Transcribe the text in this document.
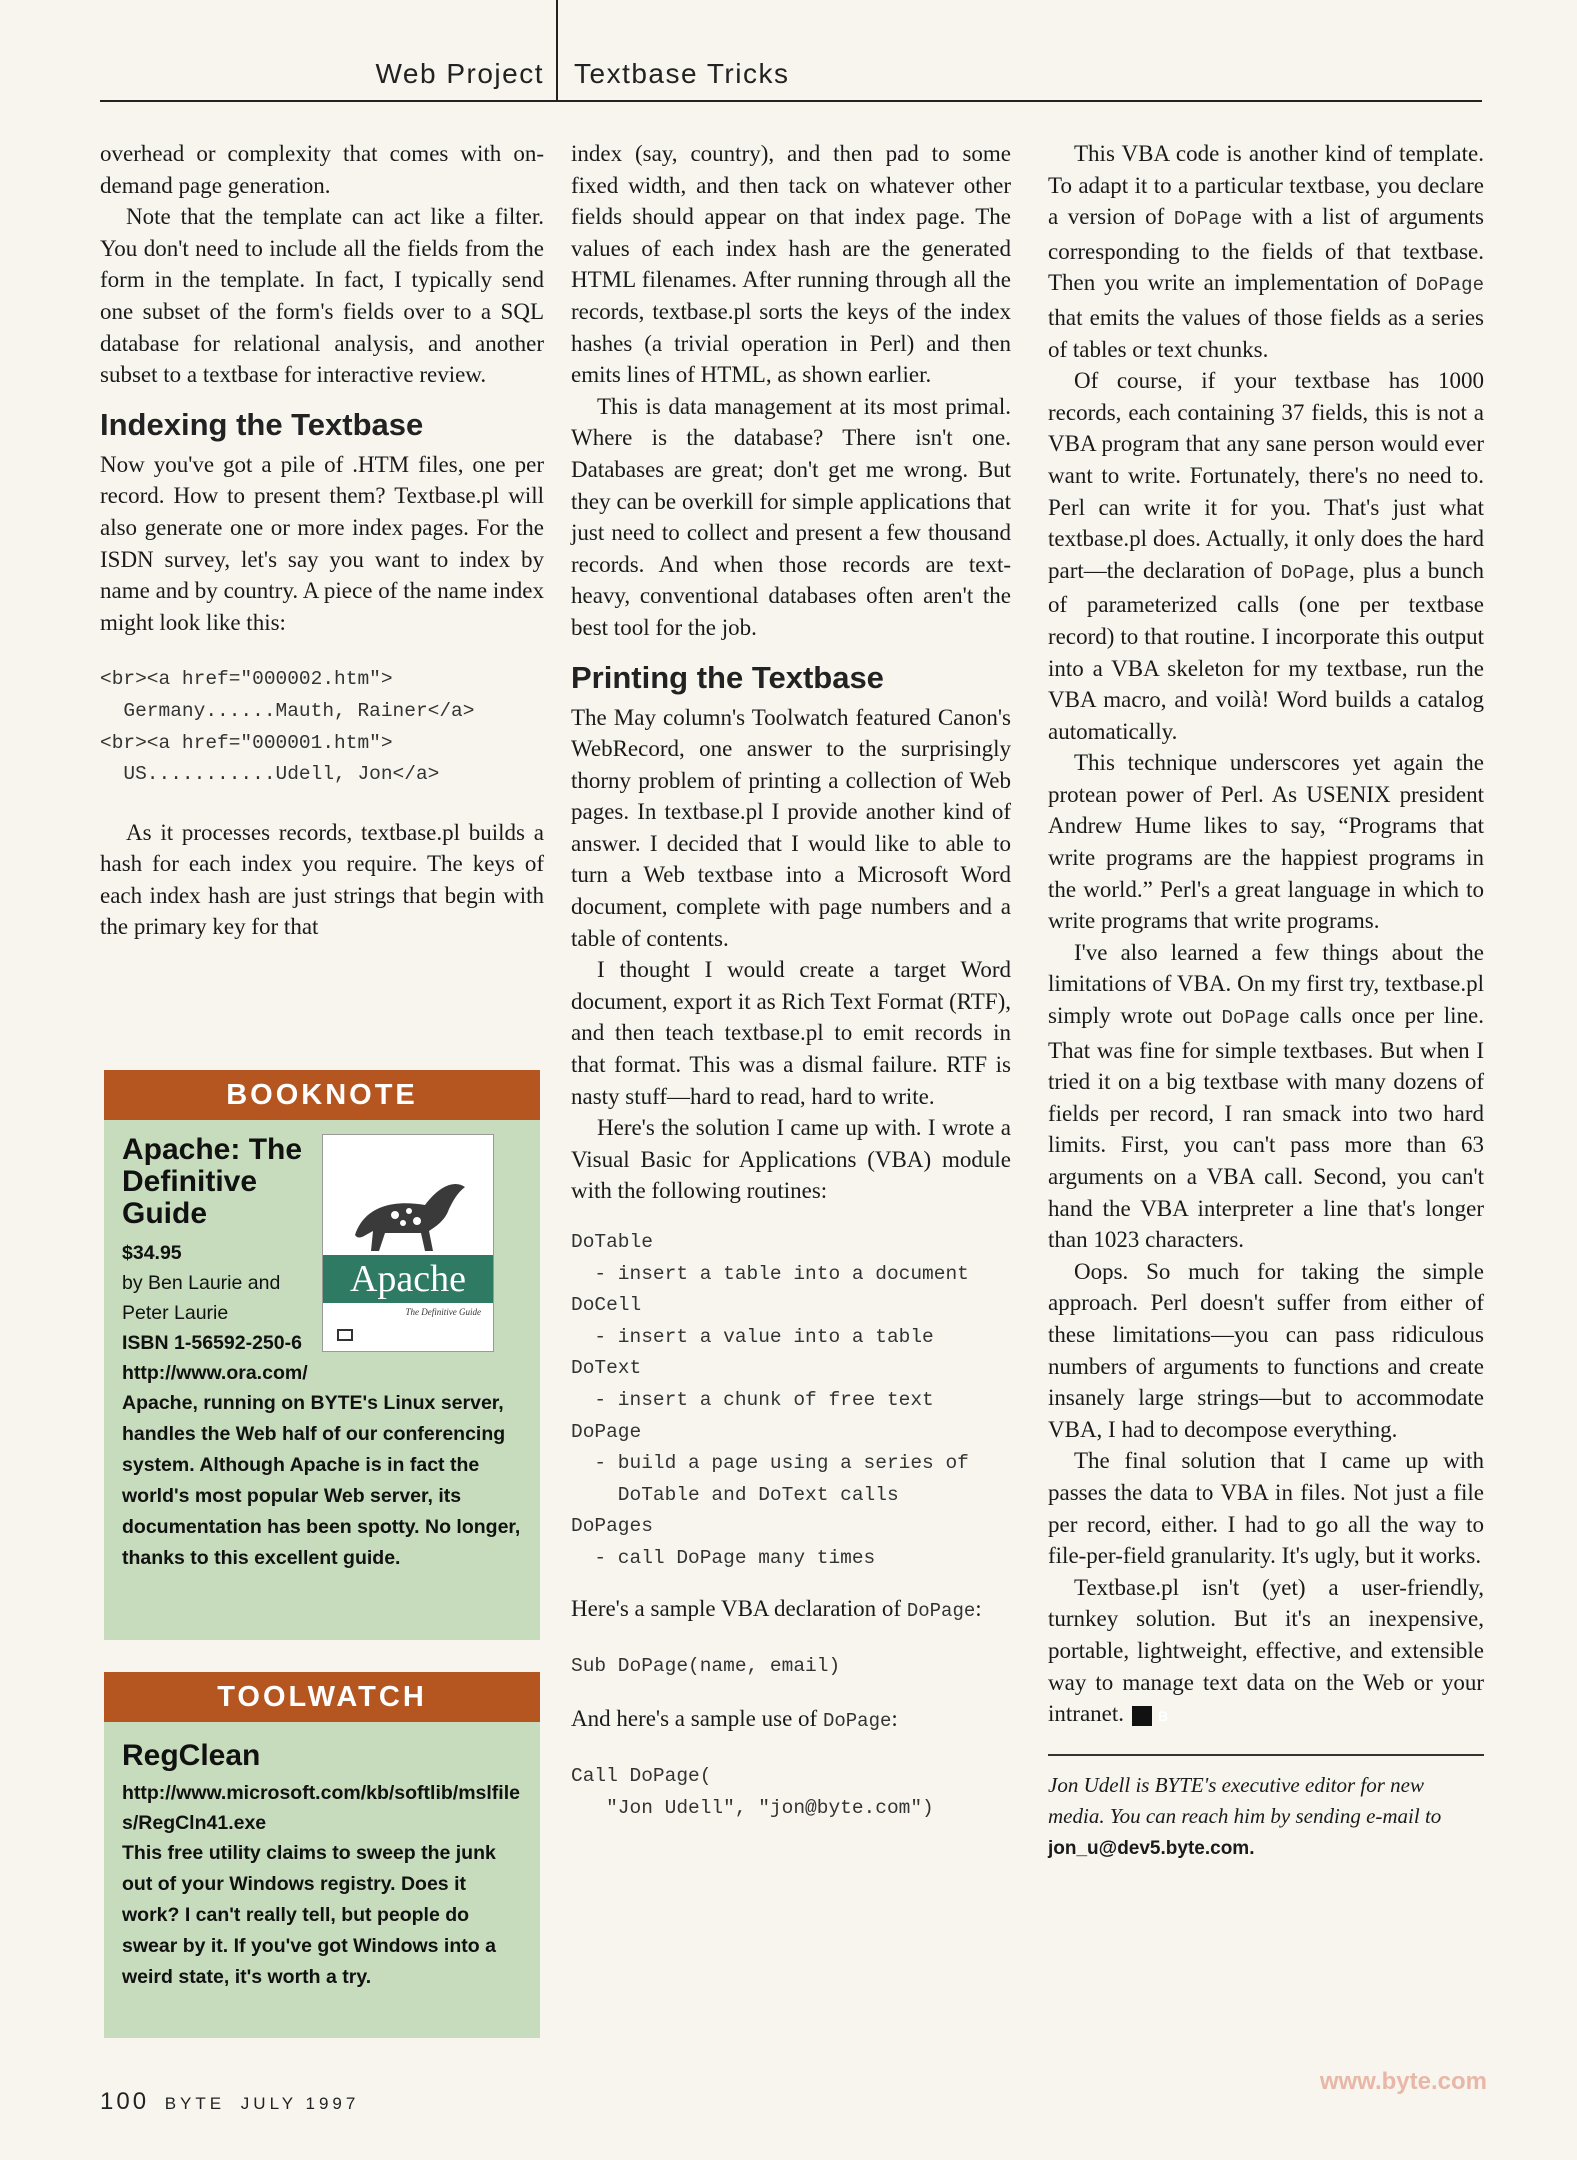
Web Project Textbase Tricks

overhead or complexity that comes with on-demand page generation.

Note that the template can act like a filter. You don't need to include all the fields from the form in the template. In fact, I typically send one subset of the form's fields over to a SQL database for relational analysis, and another subset to a textbase for interactive review.

Indexing the Textbase

Now you've got a pile of .HTM files, one per record. How to present them? Textbase.pl will also generate one or more index pages. For the ISDN survey, let's say you want to index by name and by country. A piece of the name index might look like this:

<br><a href="000002.htm">
Germany......Mauth, Rainer</a>
<br><a href="000001.htm">
US...........Udell, Jon</a>

As it processes records, textbase.pl builds a hash for each index you require. The keys of each index hash are just strings that begin with the primary key for that

BOOKNOTE
Apache: The Definitive Guide
$34.95
by Ben Laurie and Peter Laurie
ISBN 1-56592-250-6
http://www.ora.com/
Apache, running on BYTE's Linux server, handles the Web half of our conferencing system. Although Apache is in fact the world's most popular Web server, its documentation has been spotty. No longer, thanks to this excellent guide.
Apache
The Definitive Guide
TOOLWATCH
RegClean
http://www.microsoft.com/kb/softlib/mslfiles/RegCln41.exe
This free utility claims to sweep the junk out of your Windows registry. Does it work? I can't really tell, but people do swear by it. If you've got Windows into a weird state, it's worth a try.

index (say, country), and then pad to some fixed width, and then tack on whatever other fields should appear on that index page. The values of each index hash are the generated HTML filenames. After running through all the records, textbase.pl sorts the keys of the index hashes (a trivial operation in Perl) and then emits lines of HTML, as shown earlier.

This is data management at its most primal. Where is the database? There isn't one. Databases are great; don't get me wrong. But they can be overkill for simple applications that just need to collect and present a few thousand records. And when those records are text-heavy, conventional databases often aren't the best tool for the job.

Printing the Textbase

The May column's Toolwatch featured Canon's WebRecord, one answer to the surprisingly thorny problem of printing a collection of Web pages. In textbase.pl I provide another kind of answer. I decided that I would like to able to turn a Web textbase into a Microsoft Word document, complete with page numbers and a table of contents.

I thought I would create a target Word document, export it as Rich Text Format (RTF), and then teach textbase.pl to emit records in that format. This was a dismal failure. RTF is nasty stuff—hard to read, hard to write.

Here's the solution I came up with. I wrote a Visual Basic for Applications (VBA) module with the following routines:

DoTable
- insert a table into a document
DoCell
- insert a value into a table
DoText
- insert a chunk of free text
DoPage
- build a page using a series of
DoTable and DoText calls
DoPages
- call DoPage many times

Here's a sample VBA declaration of DoPage:

Sub DoPage(name, email)

And here's a sample use of DoPage:

Call DoPage(
"Jon Udell", "jon@byte.com")

This VBA code is another kind of template. To adapt it to a particular textbase, you declare a version of DoPage with a list of arguments corresponding to the fields of that textbase. Then you write an implementation of DoPage that emits the values of those fields as a series of tables or text chunks.

Of course, if your textbase has 1000 records, each containing 37 fields, this is not a VBA program that any sane person would ever want to write. Fortunately, there's no need to. Perl can write it for you. That's just what textbase.pl does. Actually, it only does the hard part—the declaration of DoPage, plus a bunch of parameterized calls (one per textbase record) to that routine. I incorporate this output into a VBA skeleton for my textbase, run the VBA macro, and voilà! Word builds a catalog automatically.

This technique underscores yet again the protean power of Perl. As USENIX president Andrew Hume likes to say, “Programs that write programs are the happiest programs in the world.” Perl's a great language in which to write programs that write programs.

I've also learned a few things about the limitations of VBA. On my first try, textbase.pl simply wrote out DoPage calls once per line. That was fine for simple textbases. But when I tried it on a big textbase with many dozens of fields per record, I ran smack into two hard limits. First, you can't pass more than 63 arguments on a VBA call. Second, you can't hand the VBA interpreter a line that's longer than 1023 characters.

Oops. So much for taking the simple approach. Perl doesn't suffer from either of these limitations—you can pass ridiculous numbers of arguments to functions and create insanely large strings—but to accommodate VBA, I had to decompose everything.

The final solution that I came up with passes the data to VBA in files. Not just a file per record, either. I had to go all the way to file-per-field granularity. It's ugly, but it works.

Textbase.pl isn't (yet) a user-friendly, turnkey solution. But it's an inexpensive, portable, lightweight, effective, and extensible way to manage text data on the Web or your intranet. B

Jon Udell is BYTE's executive editor for new media. You can reach him by sending e-mail to
jon_u@dev5.byte.com.

100 BYTE JULY 1997
www.byte.com
